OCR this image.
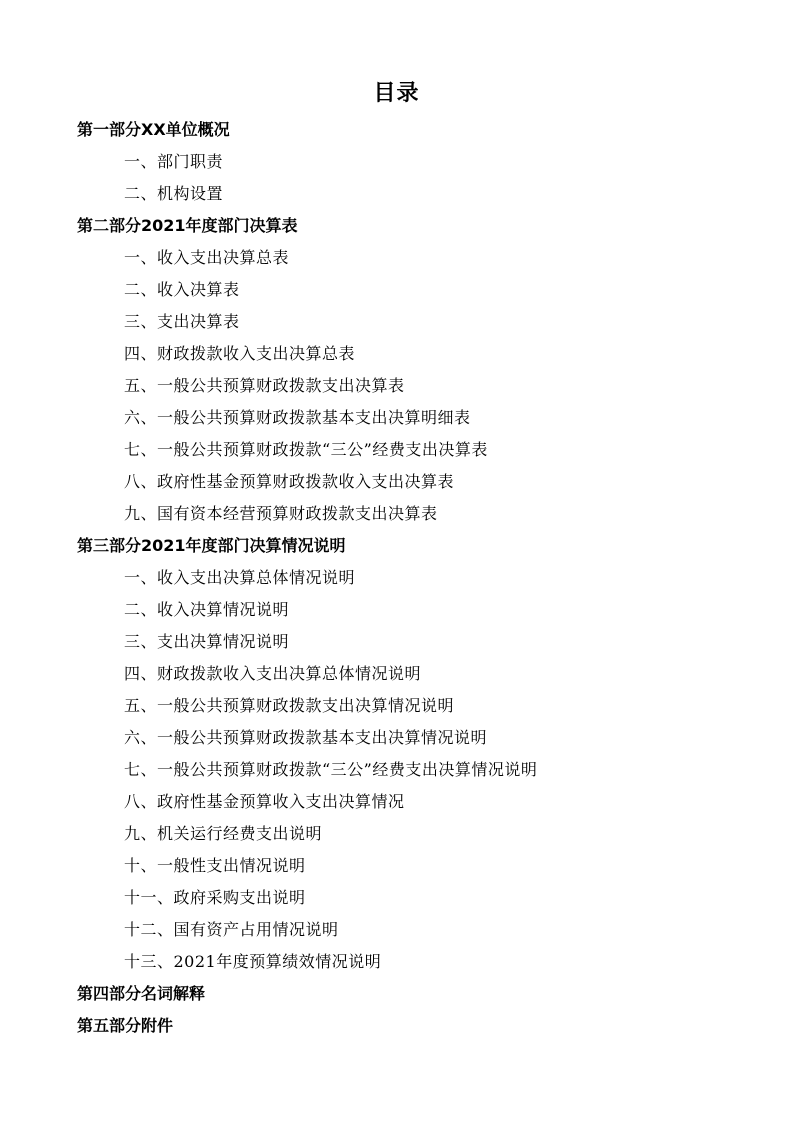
目录
第一部分XX单位概况
一、部门职责
二、机构设置
第二部分2021年度部门决算表
一、收入支出决算总表
二、收入决算表
三、支出决算表
四、财政拨款收入支出决算总表
五、一般公共预算财政拨款支出决算表
六、一般公共预算财政拨款基本支出决算明细表
七、一般公共预算财政拨款“三公”经费支出决算表
八、政府性基金预算财政拨款收入支出决算表
九、国有资本经营预算财政拨款支出决算表
第三部分2021年度部门决算情况说明
一、收入支出决算总体情况说明
二、收入决算情况说明
三、支出决算情况说明
四、财政拨款收入支出决算总体情况说明
五、一般公共预算财政拨款支出决算情况说明
六、一般公共预算财政拨款基本支出决算情况说明
七、一般公共预算财政拨款“三公”经费支出决算情况说明
八、政府性基金预算收入支出决算情况
九、机关运行经费支出说明
十、一般性支出情况说明
十一、政府采购支出说明
十二、国有资产占用情况说明
十三、2021年度预算绩效情况说明
第四部分名词解释
第五部分附件
